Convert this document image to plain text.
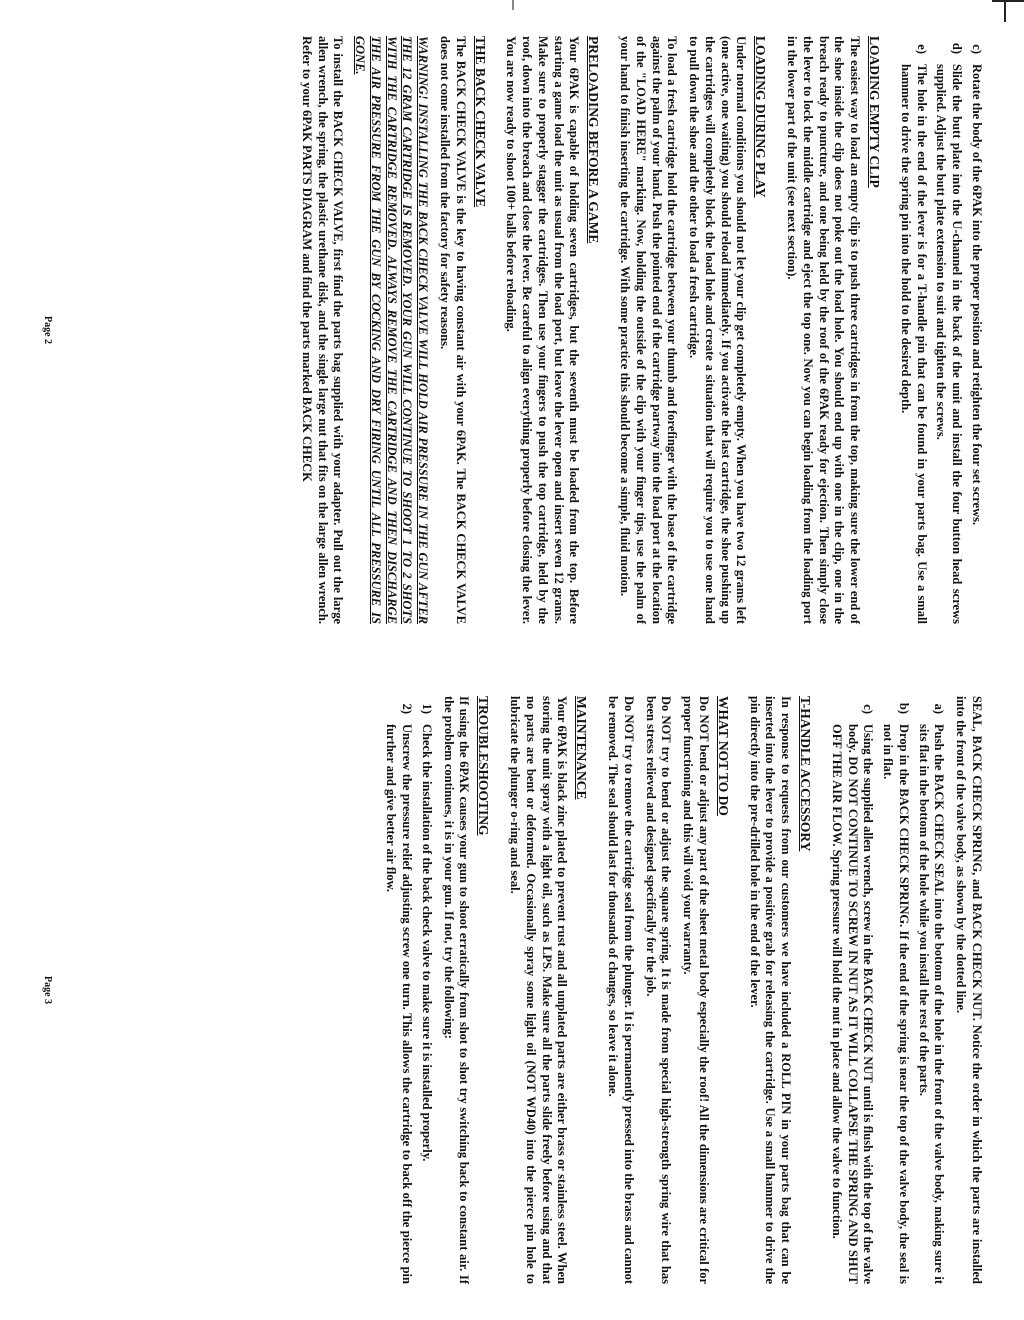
c)
Rotate the body of the 6PAK into the proper position and retighten the four set screws.
d)
Slide the butt plate into the U-channel in the back of the unit and install the four button head screws supplied. Adjust the butt plate extension to suit and tighten the screws.
e)
The hole in the end of the lever is for a T-handle pin that can be found in your parts bag. Use a small hammer to drive the spring pin into the hold to the desired depth.
LOADING EMPTY CLIP

The easiest way to load an empty clip is to push three cartridges in from the top, making sure the lower end of the shoe inside the clip does not poke out the load hole. You should end up with one in the clip, one in the breach ready to puncture, and one being held by the roof of the 6PAK ready for ejection. Then simply close the lever to lock the middle cartridge and eject the top one. Now you can begin loading from the loading port in the lower part of the unit (see next section).

LOADING DURING PLAY

Under normal conditions you should not let your clip get completely empty. When you have two 12 grams left (one active, one waiting) you should reload immediately. If you activate the last cartridge, the shoe pushing up the cartridges will completely block the load hole and create a situation that will require you to use one hand to pull down the shoe and the other to load a fresh cartridge.

To load a fresh cartridge hold the cartridge between your thumb and forefinger with the base of the cartridge against the palm of your hand. Push the pointed end of the cartridge partway into the load port at the location of the "LOAD HERE" marking. Now, holding the outside of the clip with your finger tips, use the palm of your hand to finish inserting the cartridge. With some practice this should become a simple, fluid motion.

PRELOADING BEFORE A GAME

Your 6PAK is capable of holding seven cartridges, but the seventh must be loaded from the top. Before starting a game load the unit as usual from the load port, but leave the lever open and insert seven 12 grams. Make sure to properly stagger the cartridges. Then use your fingers to push the top cartridge, held by the roof, down into the breach and close the lever. Be careful to align everything properly before closing the lever. You are now ready to shoot 100+ balls before reloading.

THE BACK CHECK VALVE

The BACK CHECK VALVE is the key to having constant air with your 6PAK. The BACK CHECK VALVE does not come installed from the factory for safety reasons.

WARNING! INSTALLING THE BACK CHECK VALVE WILL HOLD AIR PRESSURE IN THE GUN AFTER THE 12 GRAM CARTRIDGE IS REMOVED. YOUR GUN WILL CONTINUE TO SHOOT 1 TO 2 SHOTS WITH THE CARTRIDGE REMOVED. ALWAYS REMOVE THE CARTRIDGE AND THEN DISCHARGE THE AIR PRESSURE FROM THE GUN BY COCKING AND DRY FIRING UNTIL ALL PRESSURE IS GONE.

To install the BACK CHECK VALVE, first find the parts bag supplied with your adapter. Pull out the large allen wrench, the spring, the plastic urethane disk, and the single large nut that fits on the large allen wrench. Refer to your 6PAK PARTS DIAGRAM and find the parts marked BACK CHECK

Page 2

SEAL, BACK CHECK SPRING, and BACK CHECK NUT. Notice the order in which the parts are installed into the front of the valve body, as shown by the dotted line.

a)
Push the BACK CHECK SEAL into the bottom of the hole in the front of the valve body, making sure it sits flat in the bottom of the hole while you install the rest of the parts.
b)
Drop in the BACK CHECK SPRING. If the end of the spring is near the top of the valve body, the seal is not in flat.
c)
Using the supplied allen wrench, screw in the BACK CHECK NUT until is flush with the top of the valve body. DO NOT CONTINUE TO SCREW IN NUT AS IT WILL COLLAPSE THE SPRING AND SHUT OFF THE AIR FLOW. Spring pressure will hold the nut in place and allow the valve to function.
T-HANDLE ACCESSORY

In response to requests from our customers we have included a ROLL PIN in your parts bag that can be inserted into the lever to provide a positive grab for releasing the cartridge. Use a small hammer to drive the pin directly into the pre-drilled hole in the end of the lever.

WHAT NOT TO DO

Do NOT bend or adjust any part of the sheet metal body especially the roof! All the dimensions are critical for proper functioning and this will void your warranty.

Do NOT try to bend or adjust the square spring. It is made from special high-strength spring wire that has been stress relieved and designed specifically for the job.

Do NOT try to remove the cartridge seal from the plunger. It is permanently pressed into the brass and cannot be removed. The seal should last for thousands of changes, so leave it alone.

MAINTENANCE

Your 6PAK is black zinc plated to prevent rust and all unplated parts are either brass or stainless steel. When storing the unit spray with a light oil, such as LPS. Make sure all the parts slide freely before using and that no parts are bent or deformed. Occasionally spray some light oil (NOT WD40) into the pierce pin hole to lubricate the plunger o-ring and seal.

TROUBLESHOOTING

If using the 6PAK causes your gun to shoot erratically from shot to shot try switching back to constant air. If the problem continues, it is in your gun. If not, try the following:

1)
Check the installation of the back check valve to make sure it is installed properly.
2)
Unscrew the pressure relief adjusting screw one turn. This allows the cartridge to back off the pierce pin further and give better air flow.
Page 3
